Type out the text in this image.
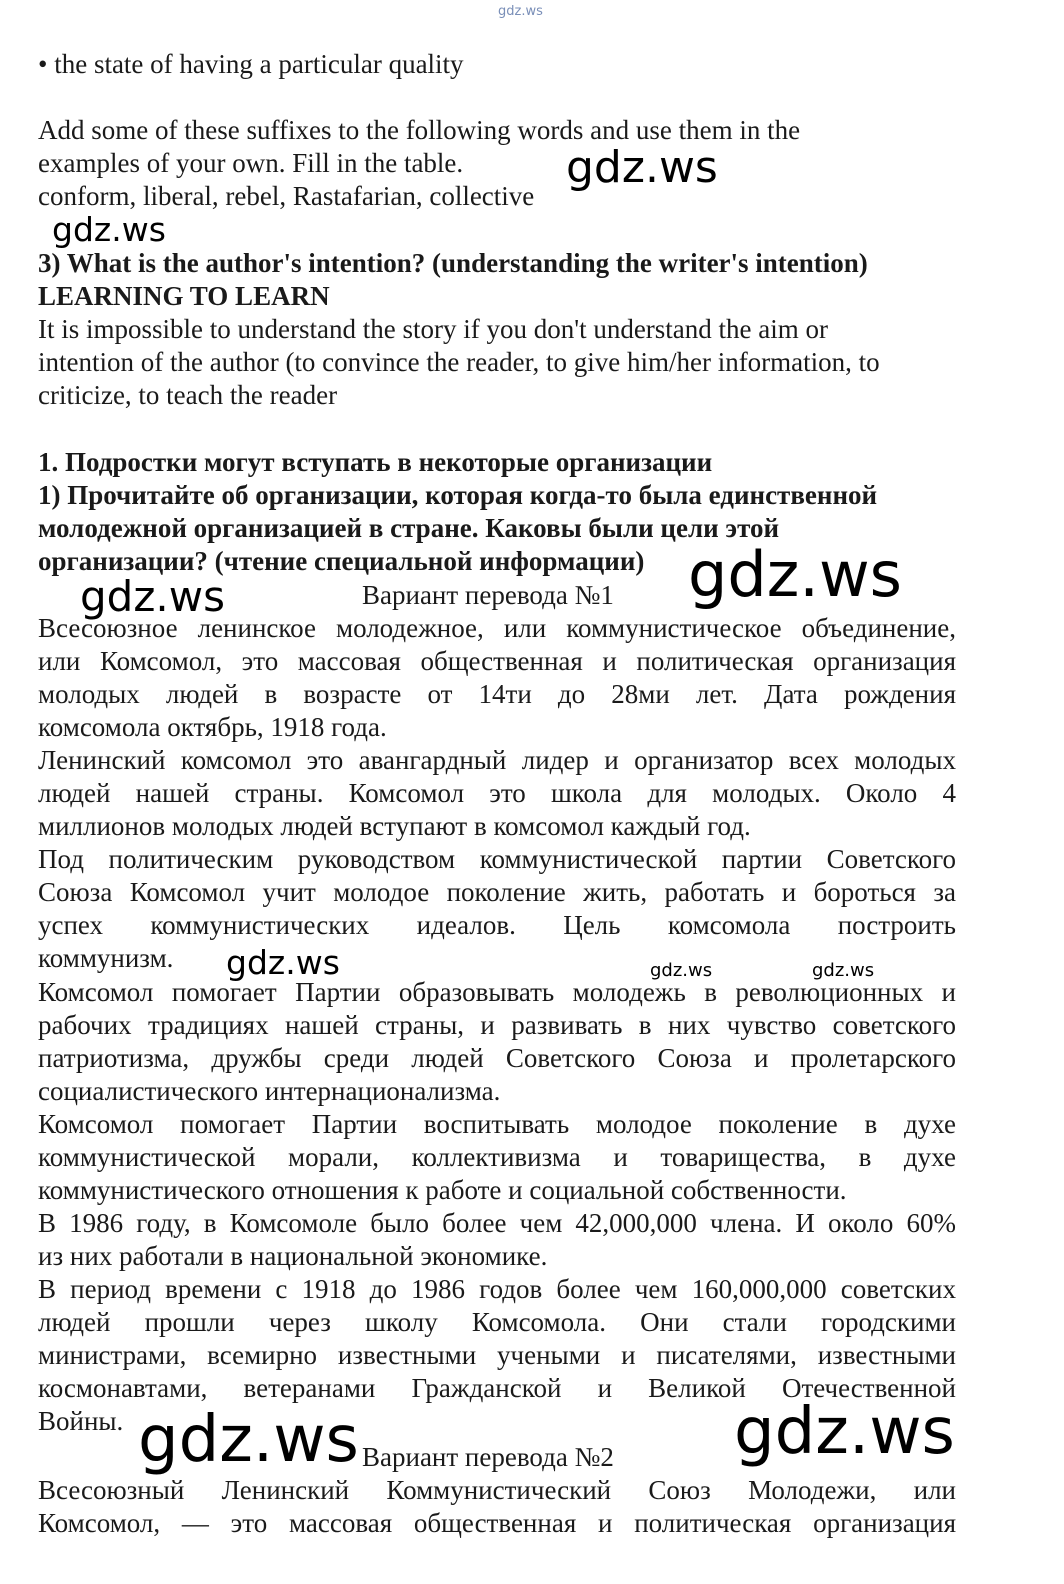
gdz.ws
• the state of having a particular quality
Add some of these suffixes to the following words and use them in the
examples of your own. Fill in the table.
conform, liberal, rebel, Rastafarian, collective
gdz.ws
gdz.ws
3) What is the author's intention? (understanding the writer's intention)
LEARNING TO LEARN
It is impossible to understand the story if you don't understand the aim or
intention of the author (to convince the reader, to give him/her information, to
criticize, to teach the reader
1. Подростки могут вступать в некоторые организации
1) Прочитайте об организации, которая когда-то была единственной
молодежной организацией в стране. Каковы были цели этой
организации? (чтение специальной информации) gdz.ws
gdz.ws	Вариант перевода №1
Всесоюзное ленинское молодежное, или коммунистическое объединение,
или Комсомол, это массовая общественная и политическая организация
молодых людей в возрасте от 14ти до 28ми лет. Дата рождения
комсомола октябрь, 1918 года.
Ленинский комсомол это авангардный лидер и организатор всех молодых
людей нашей страны. Комсомол это школа для молодых. Около 4
миллионов молодых людей вступают в комсомол каждый год.
Под политическим руководством коммунистической партии Советского
Союза Комсомол учит молодое поколение жить, работать и бороться за
успех коммунистических идеалов. Цель комсомола построить
коммунизм. gdz.ws	gdz.ws	gdz.ws
Комсомол помогает Партии образовывать молодежь в революционных и
рабочих традициях нашей страны, и развивать в них чувство советского
патриотизма, дружбы среди людей Советского Союза и пролетарского
социалистического интернационализма.
Комсомол помогает Партии воспитывать молодое поколение в духе
коммунистической морали, коллективизма и товарищества, в духе
коммунистического отношения к работе и социальной собственности.
В 1986 году, в Комсомоле было более чем 42,000,000 члена. И около 60%
из них работали в национальной экономике.
В период времени с 1918 до 1986 годов более чем 160,000,000 советских
людей прошли через школу Комсомола. Они стали городскими
министрами, всемирно известными учеными и писателями, известными
космонавтами, ветеранами Гражданской и Великой Отечественной
Войны. gdz.ws	gdz.ws
Вариант перевода №2
Всесоюзный Ленинский Коммунистический Союз Молодежи, или
Комсомол, — это массовая общественная и политическая организация
